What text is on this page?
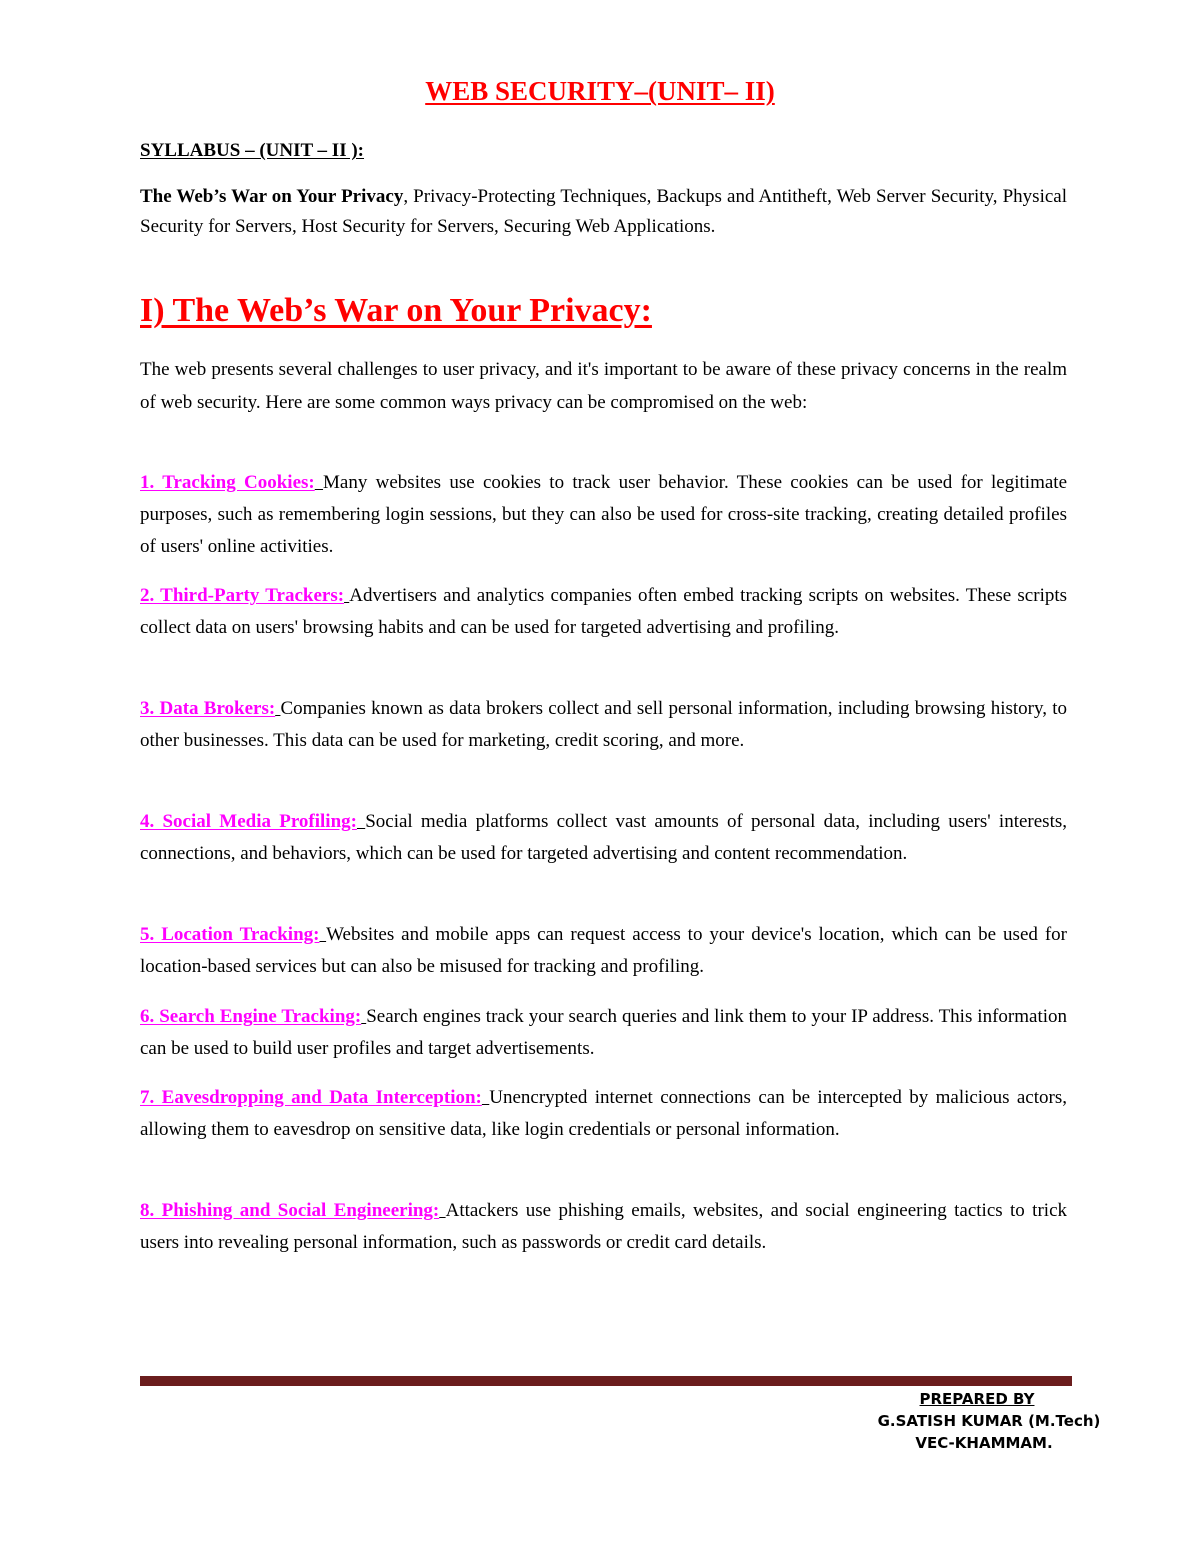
WEB SECURITY–(UNIT– II)
SYLLABUS – (UNIT – II ):
The Web’s War on Your Privacy, Privacy-Protecting Techniques, Backups and Antitheft, Web Server Security, Physical Security for Servers, Host Security for Servers, Securing Web Applications.
I) The Web’s War on Your Privacy:

The web presents several challenges to user privacy, and it's important to be aware of these privacy concerns in the realm of web security. Here are some common ways privacy can be compromised on the web:

1. Tracking Cookies: Many websites use cookies to track user behavior. These cookies can be used for legitimate purposes, such as remembering login sessions, but they can also be used for cross-site tracking, creating detailed profiles of users' online activities.

2. Third-Party Trackers: Advertisers and analytics companies often embed tracking scripts on websites. These scripts collect data on users' browsing habits and can be used for targeted advertising and profiling.

3. Data Brokers: Companies known as data brokers collect and sell personal information, including browsing history, to other businesses. This data can be used for marketing, credit scoring, and more.

4. Social Media Profiling: Social media platforms collect vast amounts of personal data, including users' interests, connections, and behaviors, which can be used for targeted advertising and content recommendation.

5. Location Tracking: Websites and mobile apps can request access to your device's location, which can be used for location-based services but can also be misused for tracking and profiling.

6. Search Engine Tracking: Search engines track your search queries and link them to your IP address. This information can be used to build user profiles and target advertisements.

7. Eavesdropping and Data Interception: Unencrypted internet connections can be intercepted by malicious actors, allowing them to eavesdrop on sensitive data, like login credentials or personal information.

8. Phishing and Social Engineering: Attackers use phishing emails, websites, and social engineering tactics to trick users into revealing personal information, such as passwords or credit card details.

PREPARED BY
G.SATISH KUMAR (M.Tech)
VEC-KHAMMAM.
